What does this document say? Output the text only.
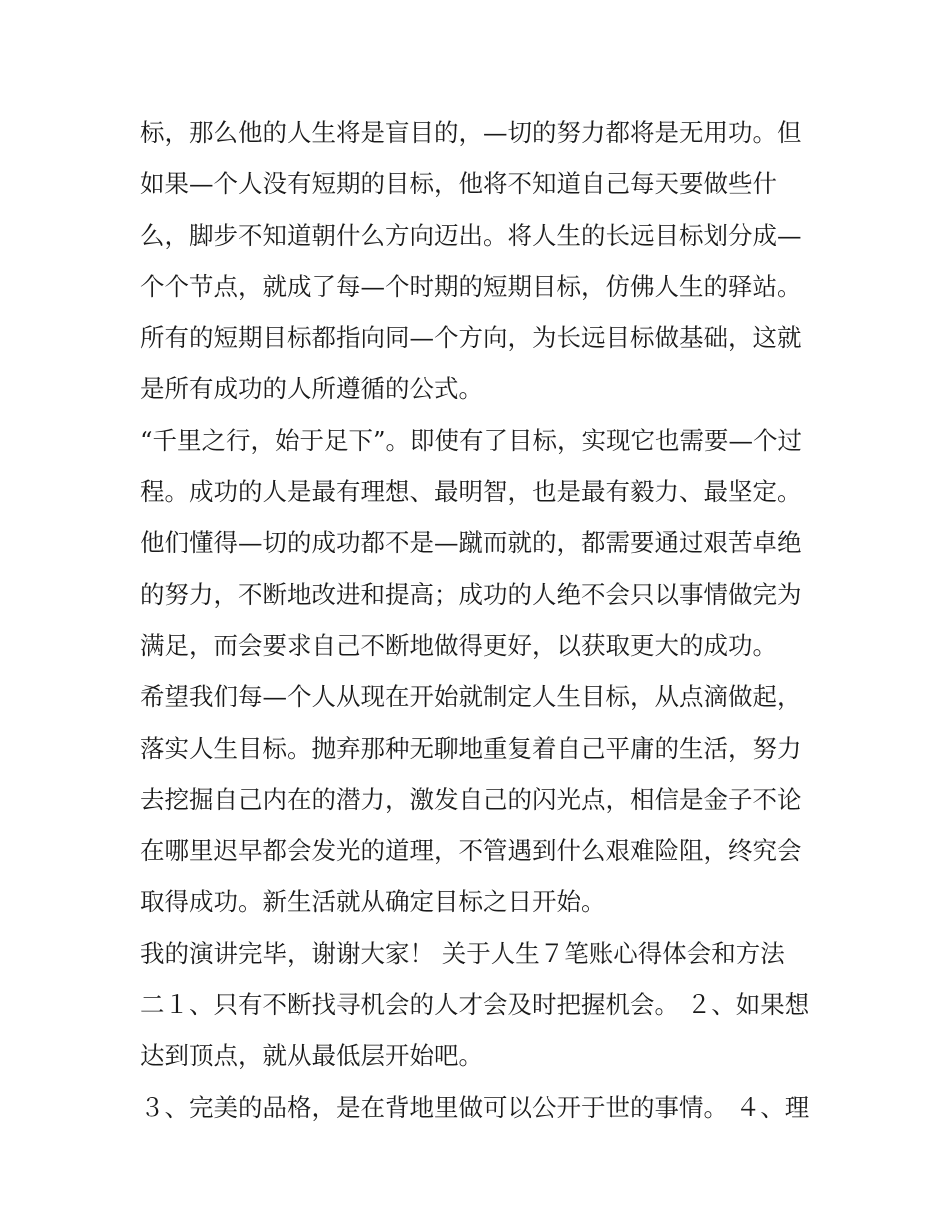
标，那么他的人生将是盲目的，—切的努力都将是无用功。但
如果—个人没有短期的目标，他将不知道自己每天要做些什
么，脚步不知道朝什么方向迈出。将人生的长远目标划分成—
个个节点，就成了每—个时期的短期目标，仿佛人生的驿站。
所有的短期目标都指向同—个方向，为长远目标做基础，这就
是所有成功的人所遵循的公式。
“千里之行，始于足下”。即使有了目标，实现它也需要—个过
程。成功的人是最有理想、最明智，也是最有毅力、最坚定。
他们懂得—切的成功都不是—蹴而就的，都需要通过艰苦卓绝
的努力，不断地改进和提高；成功的人绝不会只以事情做完为
满足，而会要求自己不断地做得更好，以获取更大的成功。
希望我们每—个人从现在开始就制定人生目标，从点滴做起，
落实人生目标。抛弃那种无聊地重复着自己平庸的生活，努力
去挖掘自己内在的潜力，激发自己的闪光点，相信是金子不论
在哪里迟早都会发光的道理，不管遇到什么艰难险阻，终究会
取得成功。新生活就从确定目标之日开始。
我的演讲完毕，谢谢大家！ 关于人生７笔账心得体会和方法
二１、只有不断找寻机会的人才会及时把握机会。 ２、如果想
达到顶点，就从最低层开始吧。
３、完美的品格，是在背地里做可以公开于世的事情。 ４、理
